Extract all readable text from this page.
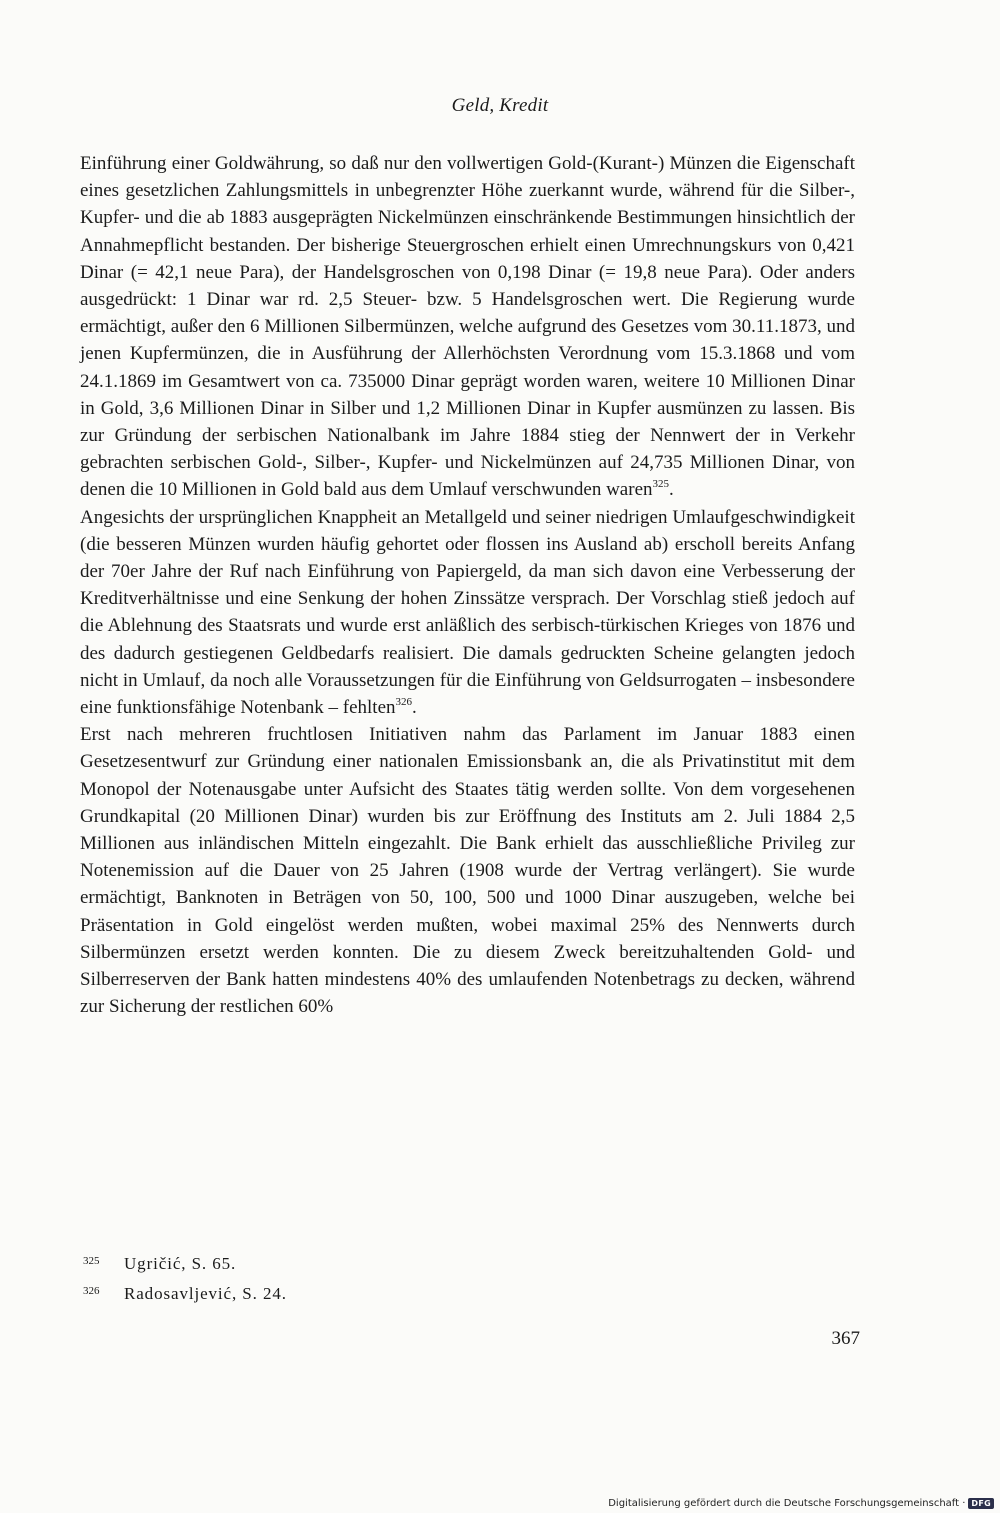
Geld, Kredit

Einführung einer Goldwährung, so daß nur den vollwertigen Gold-(Kurant-) Münzen die Eigenschaft eines gesetzlichen Zahlungsmittels in unbegrenzter Höhe zuerkannt wurde, während für die Silber-, Kupfer- und die ab 1883 ausgeprägten Nickelmünzen einschränkende Bestimmungen hinsichtlich der Annahmepflicht bestanden. Der bisherige Steuergroschen erhielt einen Umrechnungskurs von 0,421 Dinar (= 42,1 neue Para), der Handelsgroschen von 0,198 Dinar (= 19,8 neue Para). Oder anders ausgedrückt: 1 Dinar war rd. 2,5 Steuer- bzw. 5 Handelsgroschen wert. Die Regierung wurde ermächtigt, außer den 6 Millionen Silbermünzen, welche aufgrund des Gesetzes vom 30.11.1873, und jenen Kupfermünzen, die in Ausführung der Allerhöchsten Verordnung vom 15.3.1868 und vom 24.1.1869 im Gesamtwert von ca. 735000 Dinar geprägt worden waren, weitere 10 Millionen Dinar in Gold, 3,6 Millionen Dinar in Silber und 1,2 Millionen Dinar in Kupfer ausmünzen zu lassen. Bis zur Gründung der serbischen Nationalbank im Jahre 1884 stieg der Nennwert der in Verkehr gebrachten serbischen Gold-, Silber-, Kupfer- und Nickelmünzen auf 24,735 Millionen Dinar, von denen die 10 Millionen in Gold bald aus dem Umlauf verschwunden waren$^{325}$.

Angesichts der ursprünglichen Knappheit an Metallgeld und seiner niedrigen Umlaufgeschwindigkeit (die besseren Münzen wurden häufig gehortet oder flossen ins Ausland ab) erscholl bereits Anfang der 70er Jahre der Ruf nach Einführung von Papiergeld, da man sich davon eine Verbesserung der Kreditverhältnisse und eine Senkung der hohen Zinssätze versprach. Der Vorschlag stieß jedoch auf die Ablehnung des Staatsrats und wurde erst anläßlich des serbisch-türkischen Krieges von 1876 und des dadurch gestiegenen Geldbedarfs realisiert. Die damals gedruckten Scheine gelangten jedoch nicht in Umlauf, da noch alle Voraussetzungen für die Einführung von Geldsurrogaten – insbesondere eine funktionsfähige Notenbank – fehlten$^{326}$.

Erst nach mehreren fruchtlosen Initiativen nahm das Parlament im Januar 1883 einen Gesetzesentwurf zur Gründung einer nationalen Emissionsbank an, die als Privatinstitut mit dem Monopol der Notenausgabe unter Aufsicht des Staates tätig werden sollte. Von dem vorgesehenen Grundkapital (20 Millionen Dinar) wurden bis zur Eröffnung des Instituts am 2. Juli 1884 2,5 Millionen aus inländischen Mitteln eingezahlt. Die Bank erhielt das ausschließliche Privileg zur Notenemission auf die Dauer von 25 Jahren (1908 wurde der Vertrag verlängert). Sie wurde ermächtigt, Banknoten in Beträgen von 50, 100, 500 und 1000 Dinar auszugeben, welche bei Präsentation in Gold eingelöst werden mußten, wobei maximal 25% des Nennwerts durch Silbermünzen ersetzt werden konnten. Die zu diesem Zweck bereitzuhaltenden Gold- und Silberreserven der Bank hatten mindestens 40% des umlaufenden Notenbetrags zu decken, während zur Sicherung der restlichen 60%

325	Ugričić, S. 65.
326	Radosavljević, S. 24.
367
Digitalisierung gefördert durch die Deutsche Forschungsgemeinschaft · DFG
